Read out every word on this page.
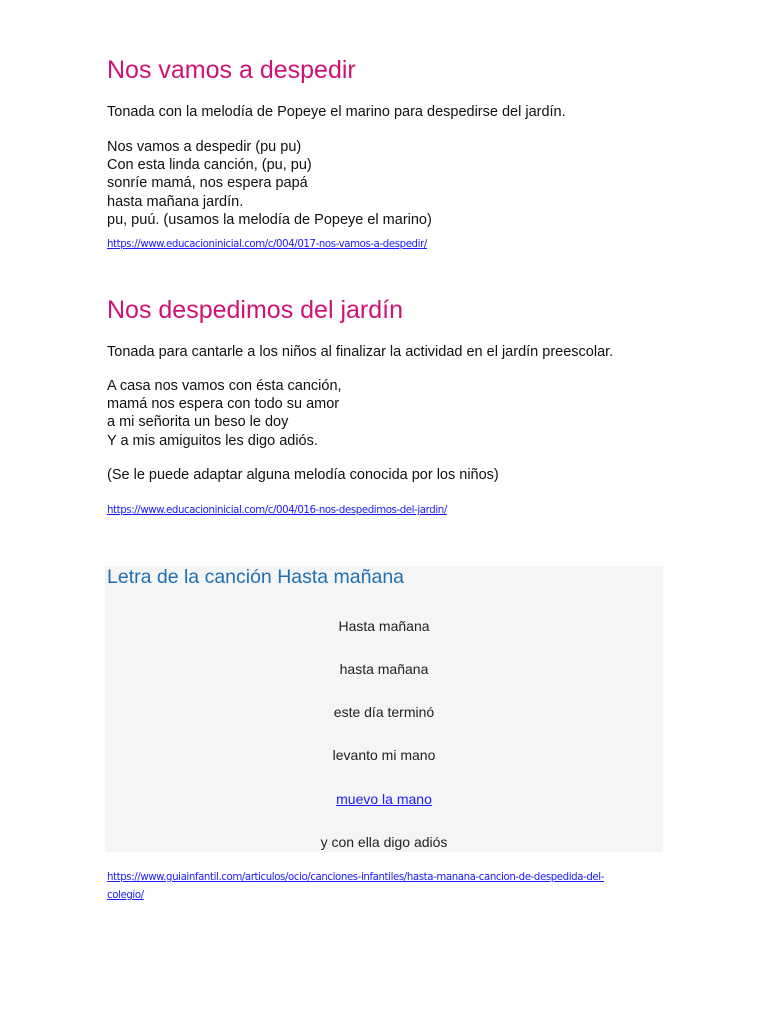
Nos vamos a despedir

Tonada con la melodía de Popeye el marino para despedirse del jardín.

Nos vamos a despedir (pu pu)
Con esta linda canción, (pu, pu)
sonríe mamá, nos espera papá
hasta mañana jardín.
pu, puú. (usamos la melodía de Popeye el marino)
https://www.educacioninicial.com/c/004/017-nos-vamos-a-despedir/
Nos despedimos del jardín

Tonada para cantarle a los niños al finalizar la actividad en el jardín preescolar.

A casa nos vamos con ésta canción,
mamá nos espera con todo su amor
a mi señorita un beso le doy
Y a mis amiguitos les digo adiós.

(Se le puede adaptar alguna melodía conocida por los niños)

https://www.educacioninicial.com/c/004/016-nos-despedimos-del-jardin/
Letra de la canción Hasta mañana
Hasta mañana
hasta mañana
este día terminó
levanto mi mano
muevo la mano
y con ella digo adiós
https://www.guiainfantil.com/articulos/ocio/canciones-infantiles/hasta-manana-cancion-de-despedida-del-colegio/
